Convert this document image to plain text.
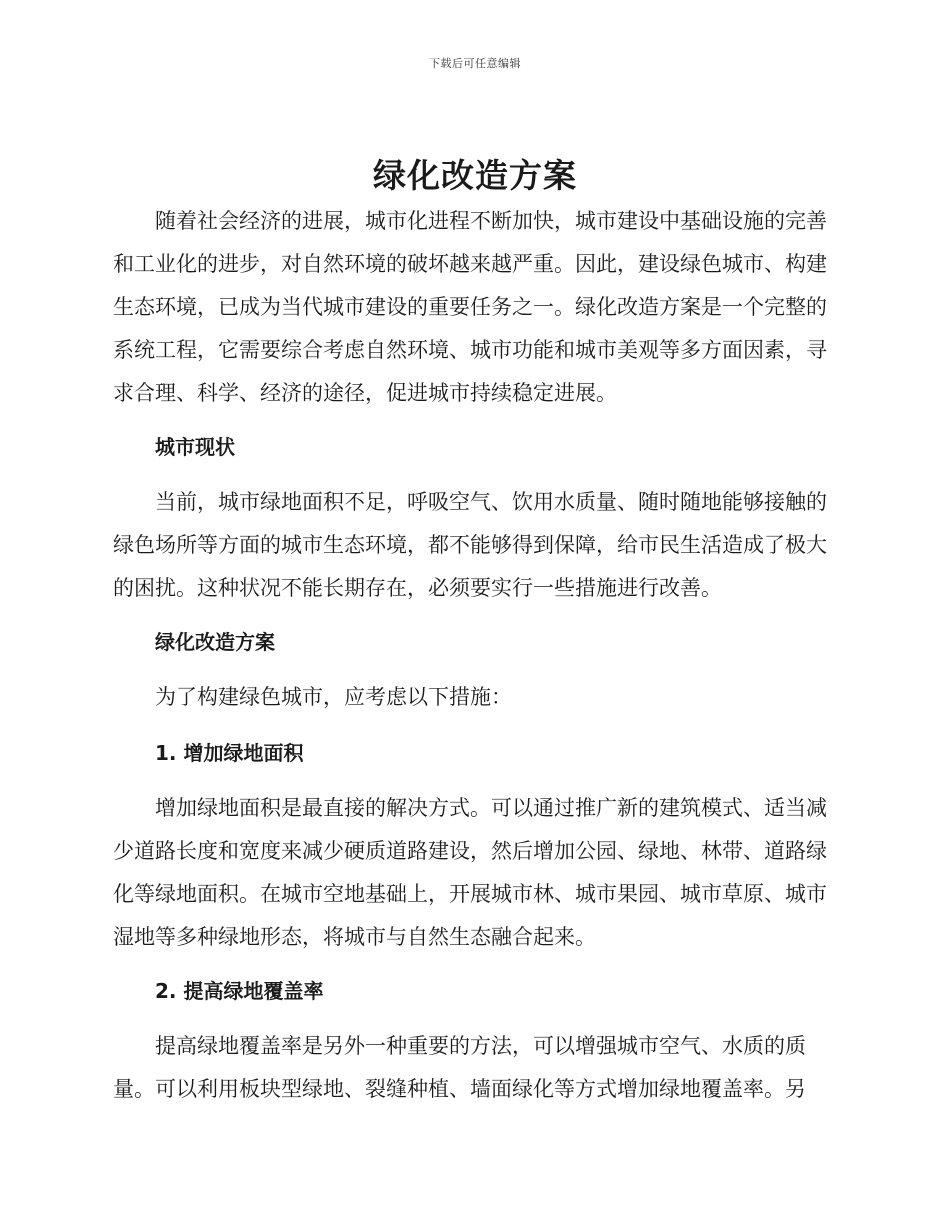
下载后可任意编辑
绿化改造方案

随着社会经济的进展，城市化进程不断加快，城市建设中基础设施的完善和工业化的进步，对自然环境的破坏越来越严重。因此，建设绿色城市、构建生态环境，已成为当代城市建设的重要任务之一。绿化改造方案是一个完整的系统工程，它需要综合考虑自然环境、城市功能和城市美观等多方面因素，寻求合理、科学、经济的途径，促进城市持续稳定进展。

城市现状

当前，城市绿地面积不足，呼吸空气、饮用水质量、随时随地能够接触的绿色场所等方面的城市生态环境，都不能够得到保障，给市民生活造成了极大的困扰。这种状况不能长期存在，必须要实行一些措施进行改善。

绿化改造方案

为了构建绿色城市，应考虑以下措施：

1. 增加绿地面积

增加绿地面积是最直接的解决方式。可以通过推广新的建筑模式、适当减少道路长度和宽度来减少硬质道路建设，然后增加公园、绿地、林带、道路绿化等绿地面积。在城市空地基础上，开展城市林、城市果园、城市草原、城市湿地等多种绿地形态，将城市与自然生态融合起来。

2. 提高绿地覆盖率

提高绿地覆盖率是另外一种重要的方法，可以增强城市空气、水质的质量。可以利用板块型绿地、裂缝种植、墙面绿化等方式增加绿地覆盖率。另
